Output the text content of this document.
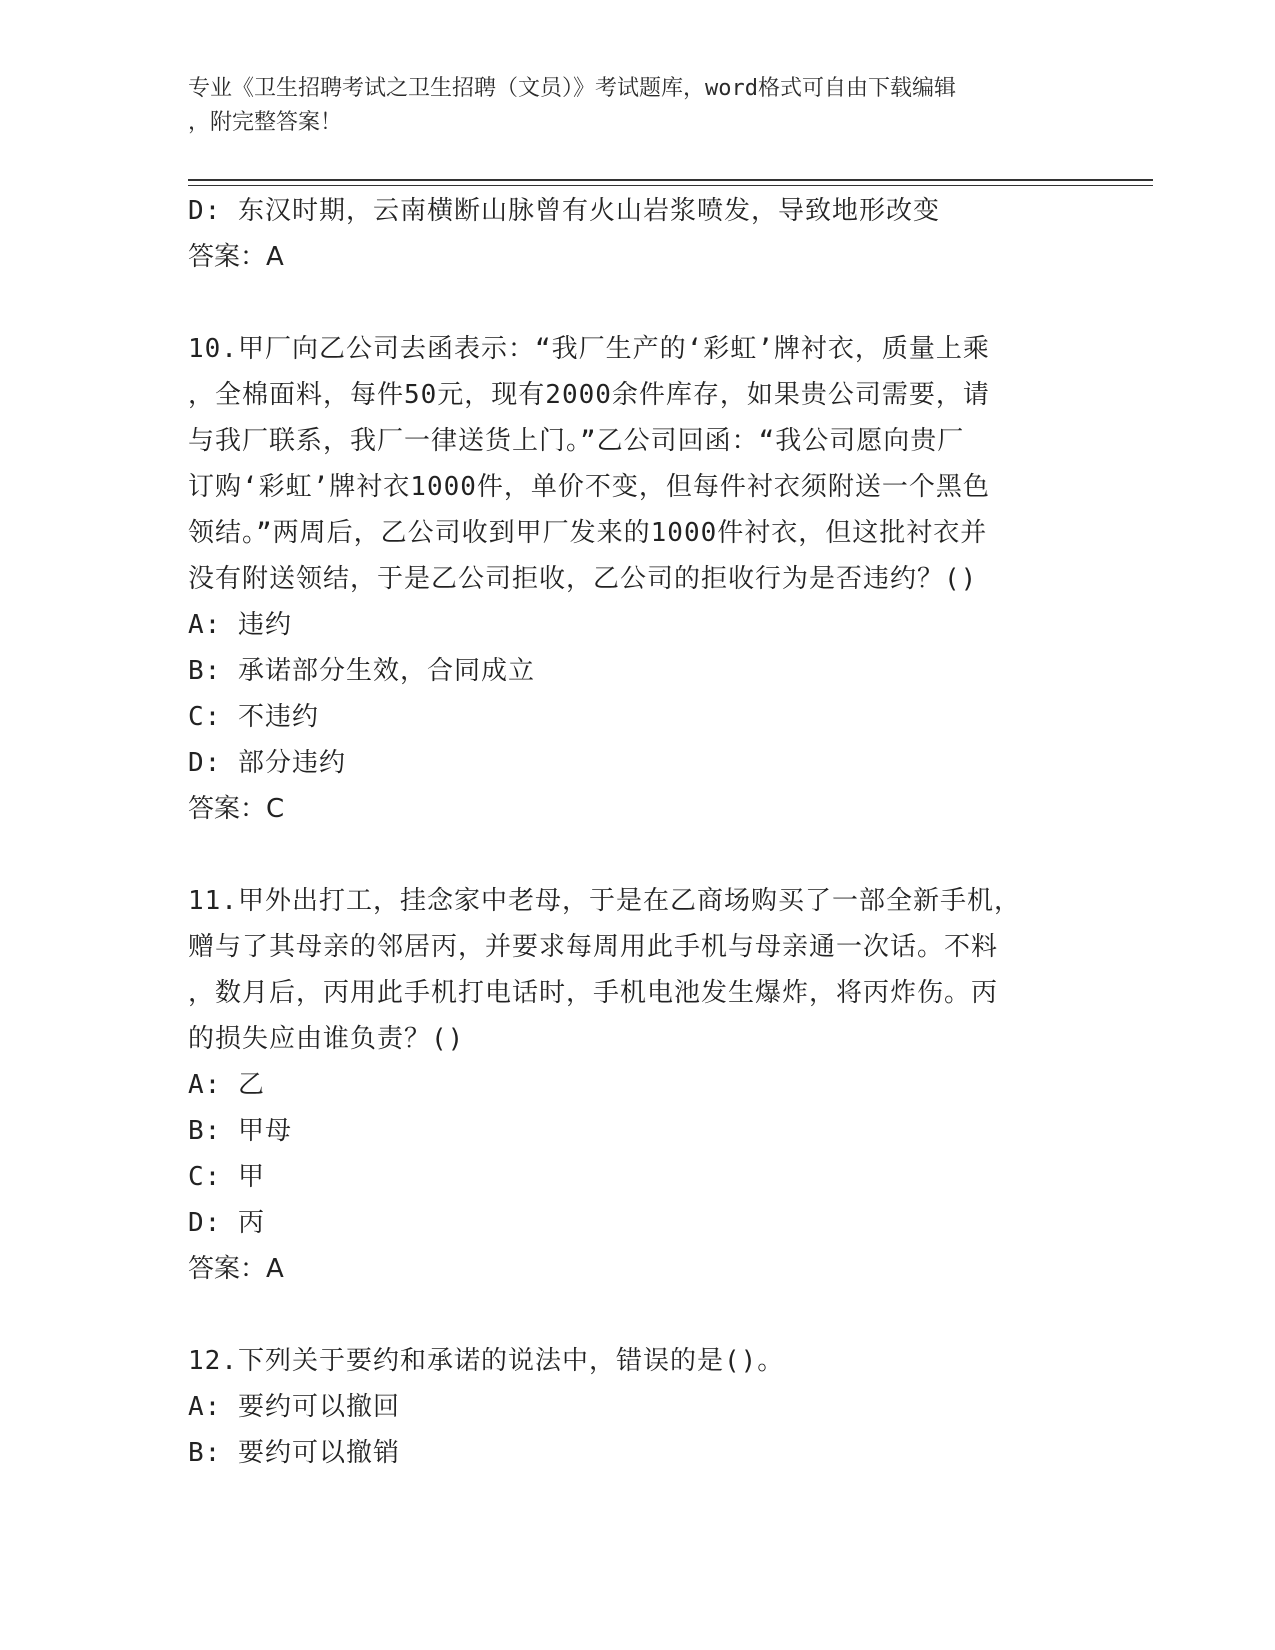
专业《卫生招聘考试之卫生招聘（文员）》考试题库，word格式可自由下载编辑
，附完整答案！
D: 东汉时期，云南横断山脉曾有火山岩浆喷发，导致地形改变
答案：A
10.甲厂向乙公司去函表示：“我厂生产的‘彩虹’牌衬衣，质量上乘
，全棉面料，每件50元，现有2000余件库存，如果贵公司需要，请
与我厂联系，我厂一律送货上门。”乙公司回函：“我公司愿向贵厂
订购‘彩虹’牌衬衣1000件，单价不变，但每件衬衣须附送一个黑色
领结。”两周后，乙公司收到甲厂发来的1000件衬衣，但这批衬衣并
没有附送领结，于是乙公司拒收，乙公司的拒收行为是否违约？()
A: 违约
B: 承诺部分生效，合同成立
C: 不违约
D: 部分违约
答案：C
11.甲外出打工，挂念家中老母，于是在乙商场购买了一部全新手机，
赠与了其母亲的邻居丙，并要求每周用此手机与母亲通一次话。不料
，数月后，丙用此手机打电话时，手机电池发生爆炸，将丙炸伤。丙
的损失应由谁负责？()
A: 乙
B: 甲母
C: 甲
D: 丙
答案：A
12.下列关于要约和承诺的说法中，错误的是()。
A: 要约可以撤回
B: 要约可以撤销
